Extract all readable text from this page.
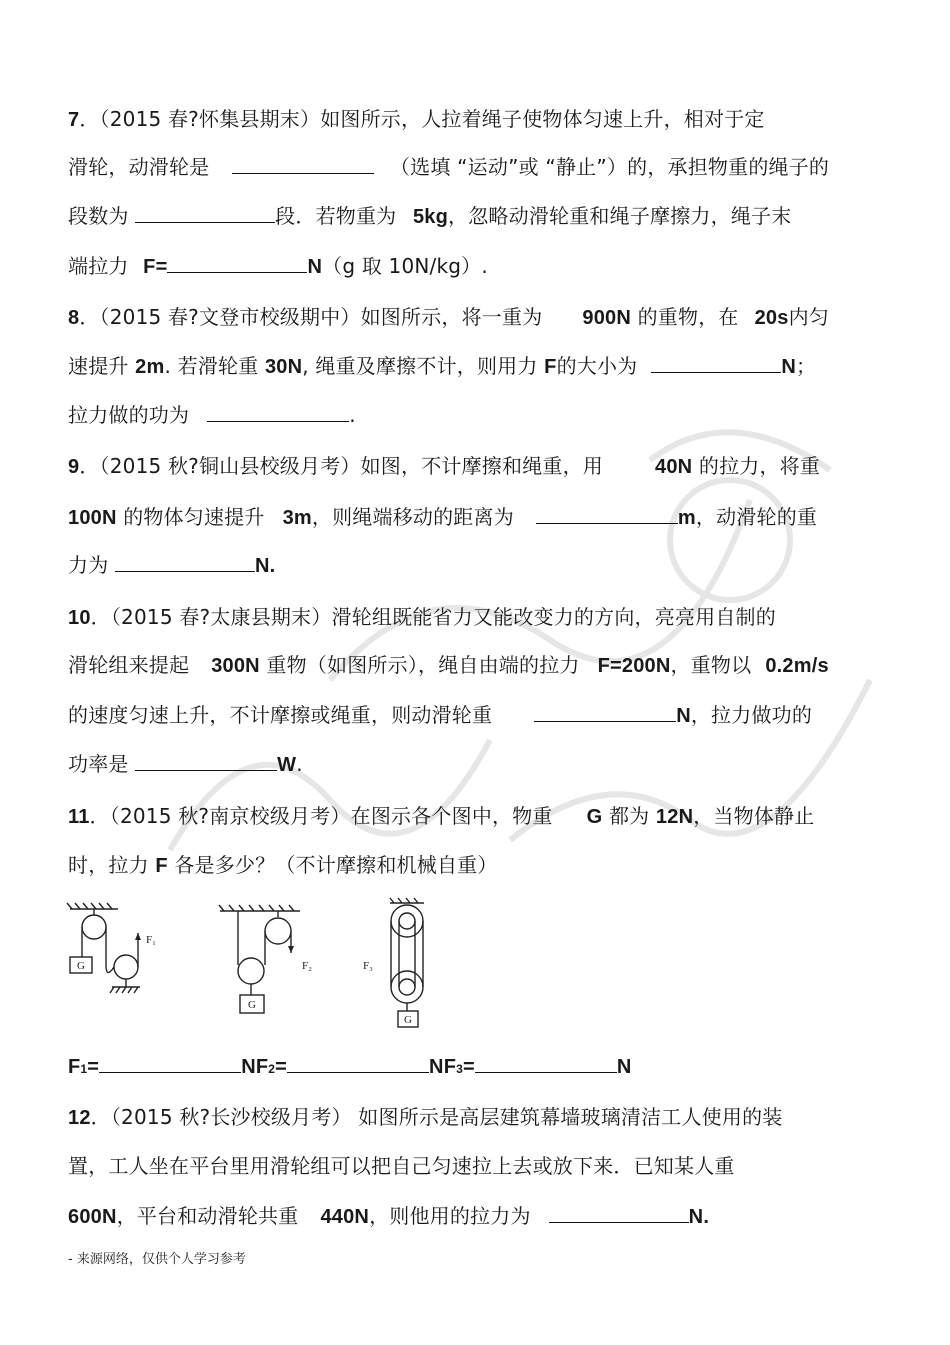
7．（2015 春?怀集县期末）如图所示，人拉着绳子使物体匀速上升，相对于定
滑轮，动滑轮是	（选填 “运动”或 “静止”）的，承担物重的绳子的
段数为	段．若物重为 5kg，忽略动滑轮重和绳子摩擦力，绳子末
端拉力 F=	N（g 取 10N/kg）.
8．（2015 春?文登市校级期中）如图所示，将一重为 900N 的重物，在 20s内匀
速提升 2m. 若滑轮重 30N, 绳重及摩擦不计，则用力 F的大小为	N；
拉力做的功为	.
9．（2015 秋?铜山县校级月考）如图，不计摩擦和绳重，用	40N 的拉力，将重
100N 的物体匀速提升 3m，则绳端移动的距离为	m，动滑轮的重
力为	N.
10．（2015 春?太康县期末）滑轮组既能省力又能改变力的方向，亮亮用自制的
滑轮组来提起 300N 重物（如图所示），绳自由端的拉力 F=200N，重物以 0.2m/s
的速度匀速上升，不计摩擦或绳重，则动滑轮重	N，拉力做功的
功率是	W.
11．（2015 秋?南京校级月考）在图示各个图中，物重 G 都为 12N，当物体静止
时，拉力 F 各是多少？（不计摩擦和机械自重）
F₁
F₂	F₃
G
G
G
F1=	NF2=	NF3=	N
12．（2015 秋?长沙校级月考） 如图所示是高层建筑幕墙玻璃清洁工人使用的装
置，工人坐在平台里用滑轮组可以把自己匀速拉上去或放下来．已知某人重
600N，平台和动滑轮共重 440N，则他用的拉力为	N.
- 来源网络，仅供个人学习参考
